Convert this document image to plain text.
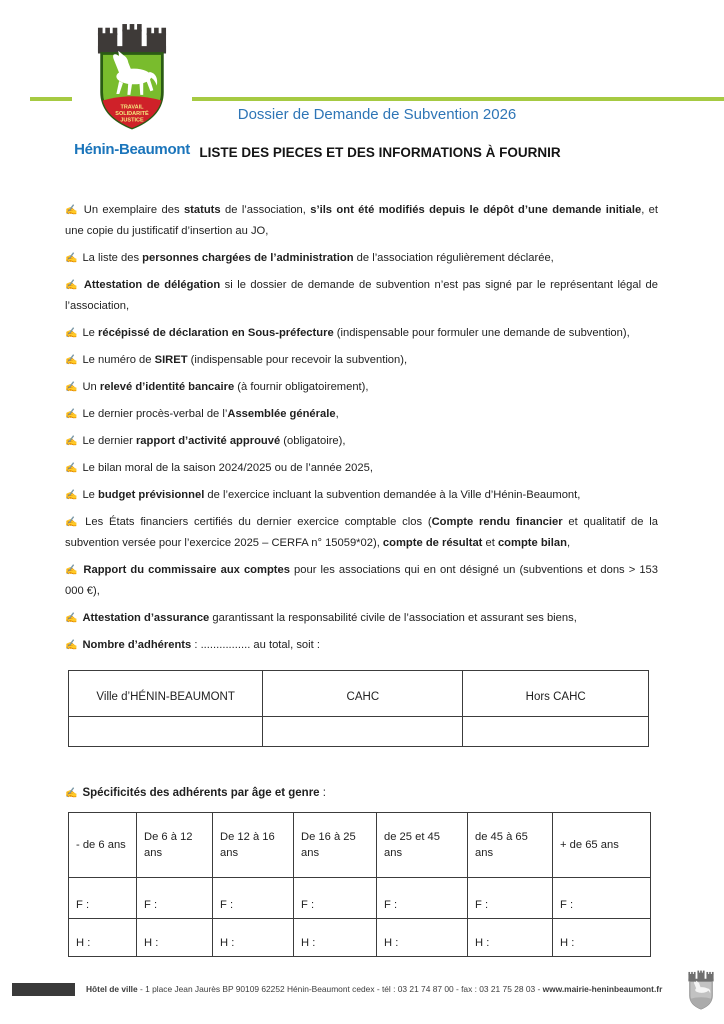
TRAVAIL
SOLIDARITÉ
JUSTICE
Hénin-Beaumont
Dossier de Demande de Subvention 2026
LISTE DES PIECES ET DES INFORMATIONS À FOURNIR

✍ Un exemplaire des statuts de l’association, s’ils ont été modifiés depuis le dépôt d’une demande initiale, et une copie du justificatif d’insertion au JO,

✍ La liste des personnes chargées de l’administration de l’association régulièrement déclarée,

✍ Attestation de délégation si le dossier de demande de subvention n’est pas signé par le représentant légal de l’association,

✍ Le récépissé de déclaration en Sous-préfecture (indispensable pour formuler une demande de subvention),

✍ Le numéro de SIRET (indispensable pour recevoir la subvention),

✍ Un relevé d’identité bancaire (à fournir obligatoirement),

✍ Le dernier procès-verbal de l’Assemblée générale,

✍ Le dernier rapport d’activité approuvé (obligatoire),

✍ Le bilan moral de la saison 2024/2025 ou de l’année 2025,

✍ Le budget prévisionnel de l’exercice incluant la subvention demandée à la Ville d’Hénin-Beaumont,

✍ Les États financiers certifiés du dernier exercice comptable clos (Compte rendu financier et qualitatif de la subvention versée pour l’exercice 2025 – CERFA n° 15059*02), compte de résultat et compte bilan,

✍ Rapport du commissaire aux comptes pour les associations qui en ont désigné un (subventions et dons > 153 000 €),

✍ Attestation d’assurance garantissant la responsabilité civile de l’association et assurant ses biens,

✍ Nombre d’adhérents : ................ au total, soit :

Ville d’HÉNIN-BEAUMONT	CAHC	Hors CAHC

✍ Spécificités des adhérents par âge et genre :

- de 6 ans	De 6 à 12 ans	De 12 à 16 ans	De 16 à 25 ans	de 25 et 45 ans	de 45 à 65 ans	+ de 65 ans
F :	F :	F :	F :	F :	F :	F :
H :	H :	H :	H :	H :	H :	H :
Hôtel de ville - 1 place Jean Jaurès BP 90109 62252 Hénin-Beaumont cedex - tél : 03 21 74 87 00 - fax : 03 21 75 28 03 - www.mairie-heninbeaumont.fr
